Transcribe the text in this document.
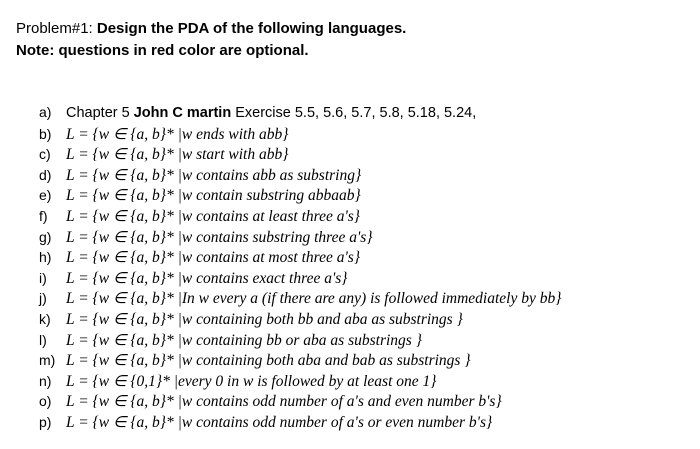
Problem#1: Design the PDA of the following languages.
Note: questions in red color are optional.
a)	Chapter 5 John C martin Exercise 5.5, 5.6, 5.7, 5.8, 5.18, 5.24,
b) L = {w ∈ {a, b}* |w ends with abb}
c) L = {w ∈ {a, b}* |w start with abb}
d) L = {w ∈ {a, b}* |w contains abb as substring}
e) L = {w ∈ {a, b}* |w contain substring abbaab}
f)	L = {w ∈ {a, b}* |w contains at least three a's}
g) L = {w ∈ {a, b}* |w contains substring three a's}
h) L = {w ∈ {a, b}* |w contains at most three a's}
i)	L = {w ∈ {a, b}* |w contains exact three a's}
j)	L = {w ∈ {a, b}* |In w every a (if there are any) is followed immediately by bb}
k) L = {w ∈ {a, b}* |w containing both bb and aba as substrings }
l)	L = {w ∈ {a, b}* |w containing bb or aba as substrings }
m) L = {w ∈ {a, b}* |w containing both aba and bab as substrings }
n) L = {w ∈ {0,1}* |every 0 in w is followed by at least one 1}
o) L = {w ∈ {a, b}* |w contains odd number of a's and even number b's}
p) L = {w ∈ {a, b}* |w contains odd number of a's or even number b's}
